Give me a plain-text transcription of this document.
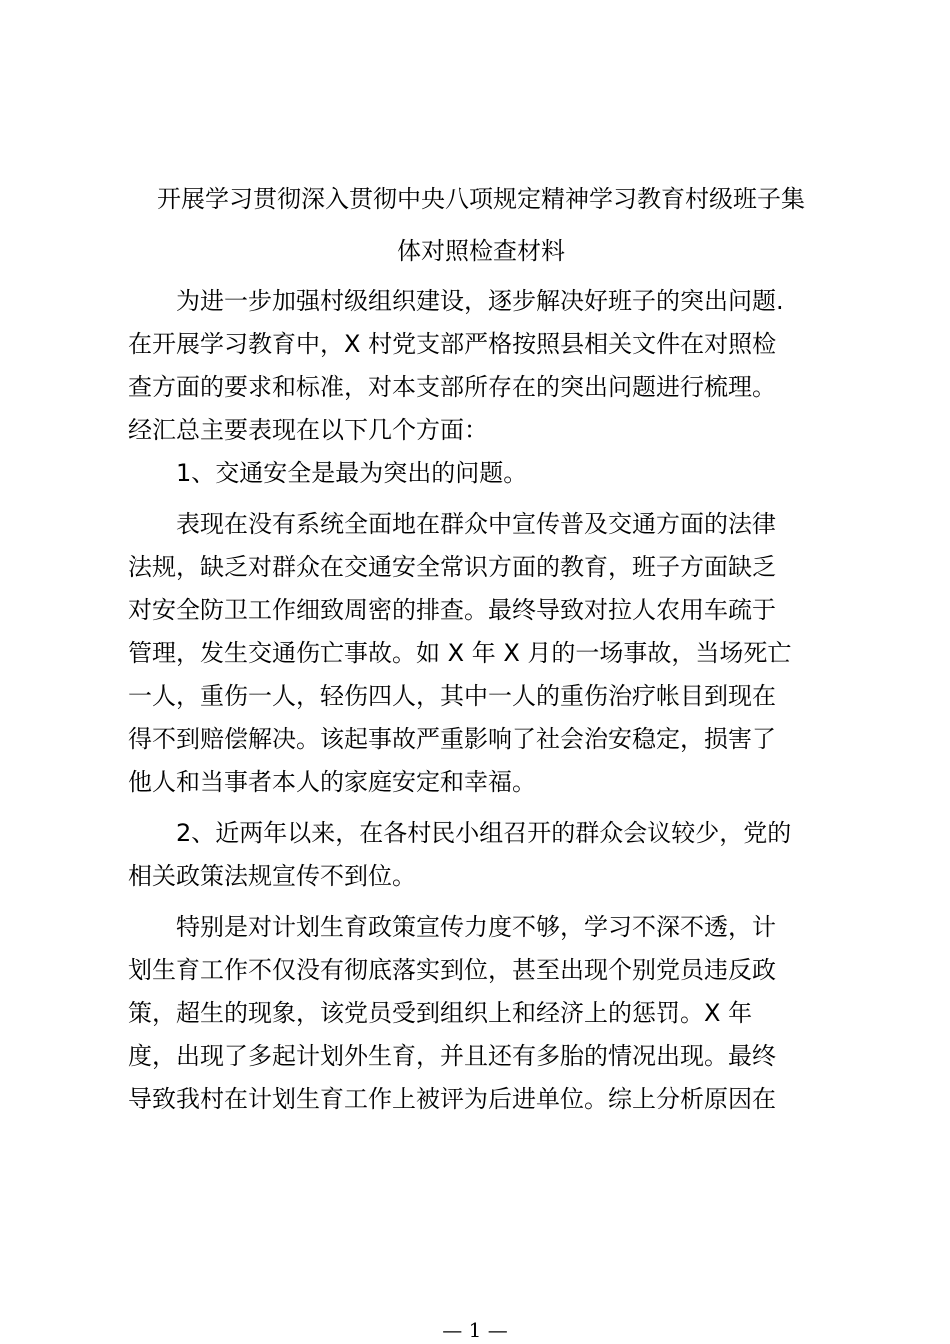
开展学习贯彻深入贯彻中央八项规定精神学习教育村级班子集
体对照检查材料
为进一步加强村级组织建设，逐步解决好班子的突出问题.
在开展学习教育中，X 村党支部严格按照县相关文件在对照检
查方面的要求和标准，对本支部所存在的突出问题进行梳理。
经汇总主要表现在以下几个方面：
1、交通安全是最为突出的问题。
表现在没有系统全面地在群众中宣传普及交通方面的法律
法规，缺乏对群众在交通安全常识方面的教育，班子方面缺乏
对安全防卫工作细致周密的排查。最终导致对拉人农用车疏于
管理，发生交通伤亡事故。如 X 年 X 月的一场事故，当场死亡
一人，重伤一人，轻伤四人，其中一人的重伤治疗帐目到现在
得不到赔偿解决。该起事故严重影响了社会治安稳定，损害了
他人和当事者本人的家庭安定和幸福。
2、近两年以来，在各村民小组召开的群众会议较少，党的
相关政策法规宣传不到位。
特别是对计划生育政策宣传力度不够，学习不深不透，计
划生育工作不仅没有彻底落实到位，甚至出现个别党员违反政
策，超生的现象，该党员受到组织上和经济上的惩罚。X 年
度，出现了多起计划外生育，并且还有多胎的情况出现。最终
导致我村在计划生育工作上被评为后进单位。综上分析原因在
— 1 —
